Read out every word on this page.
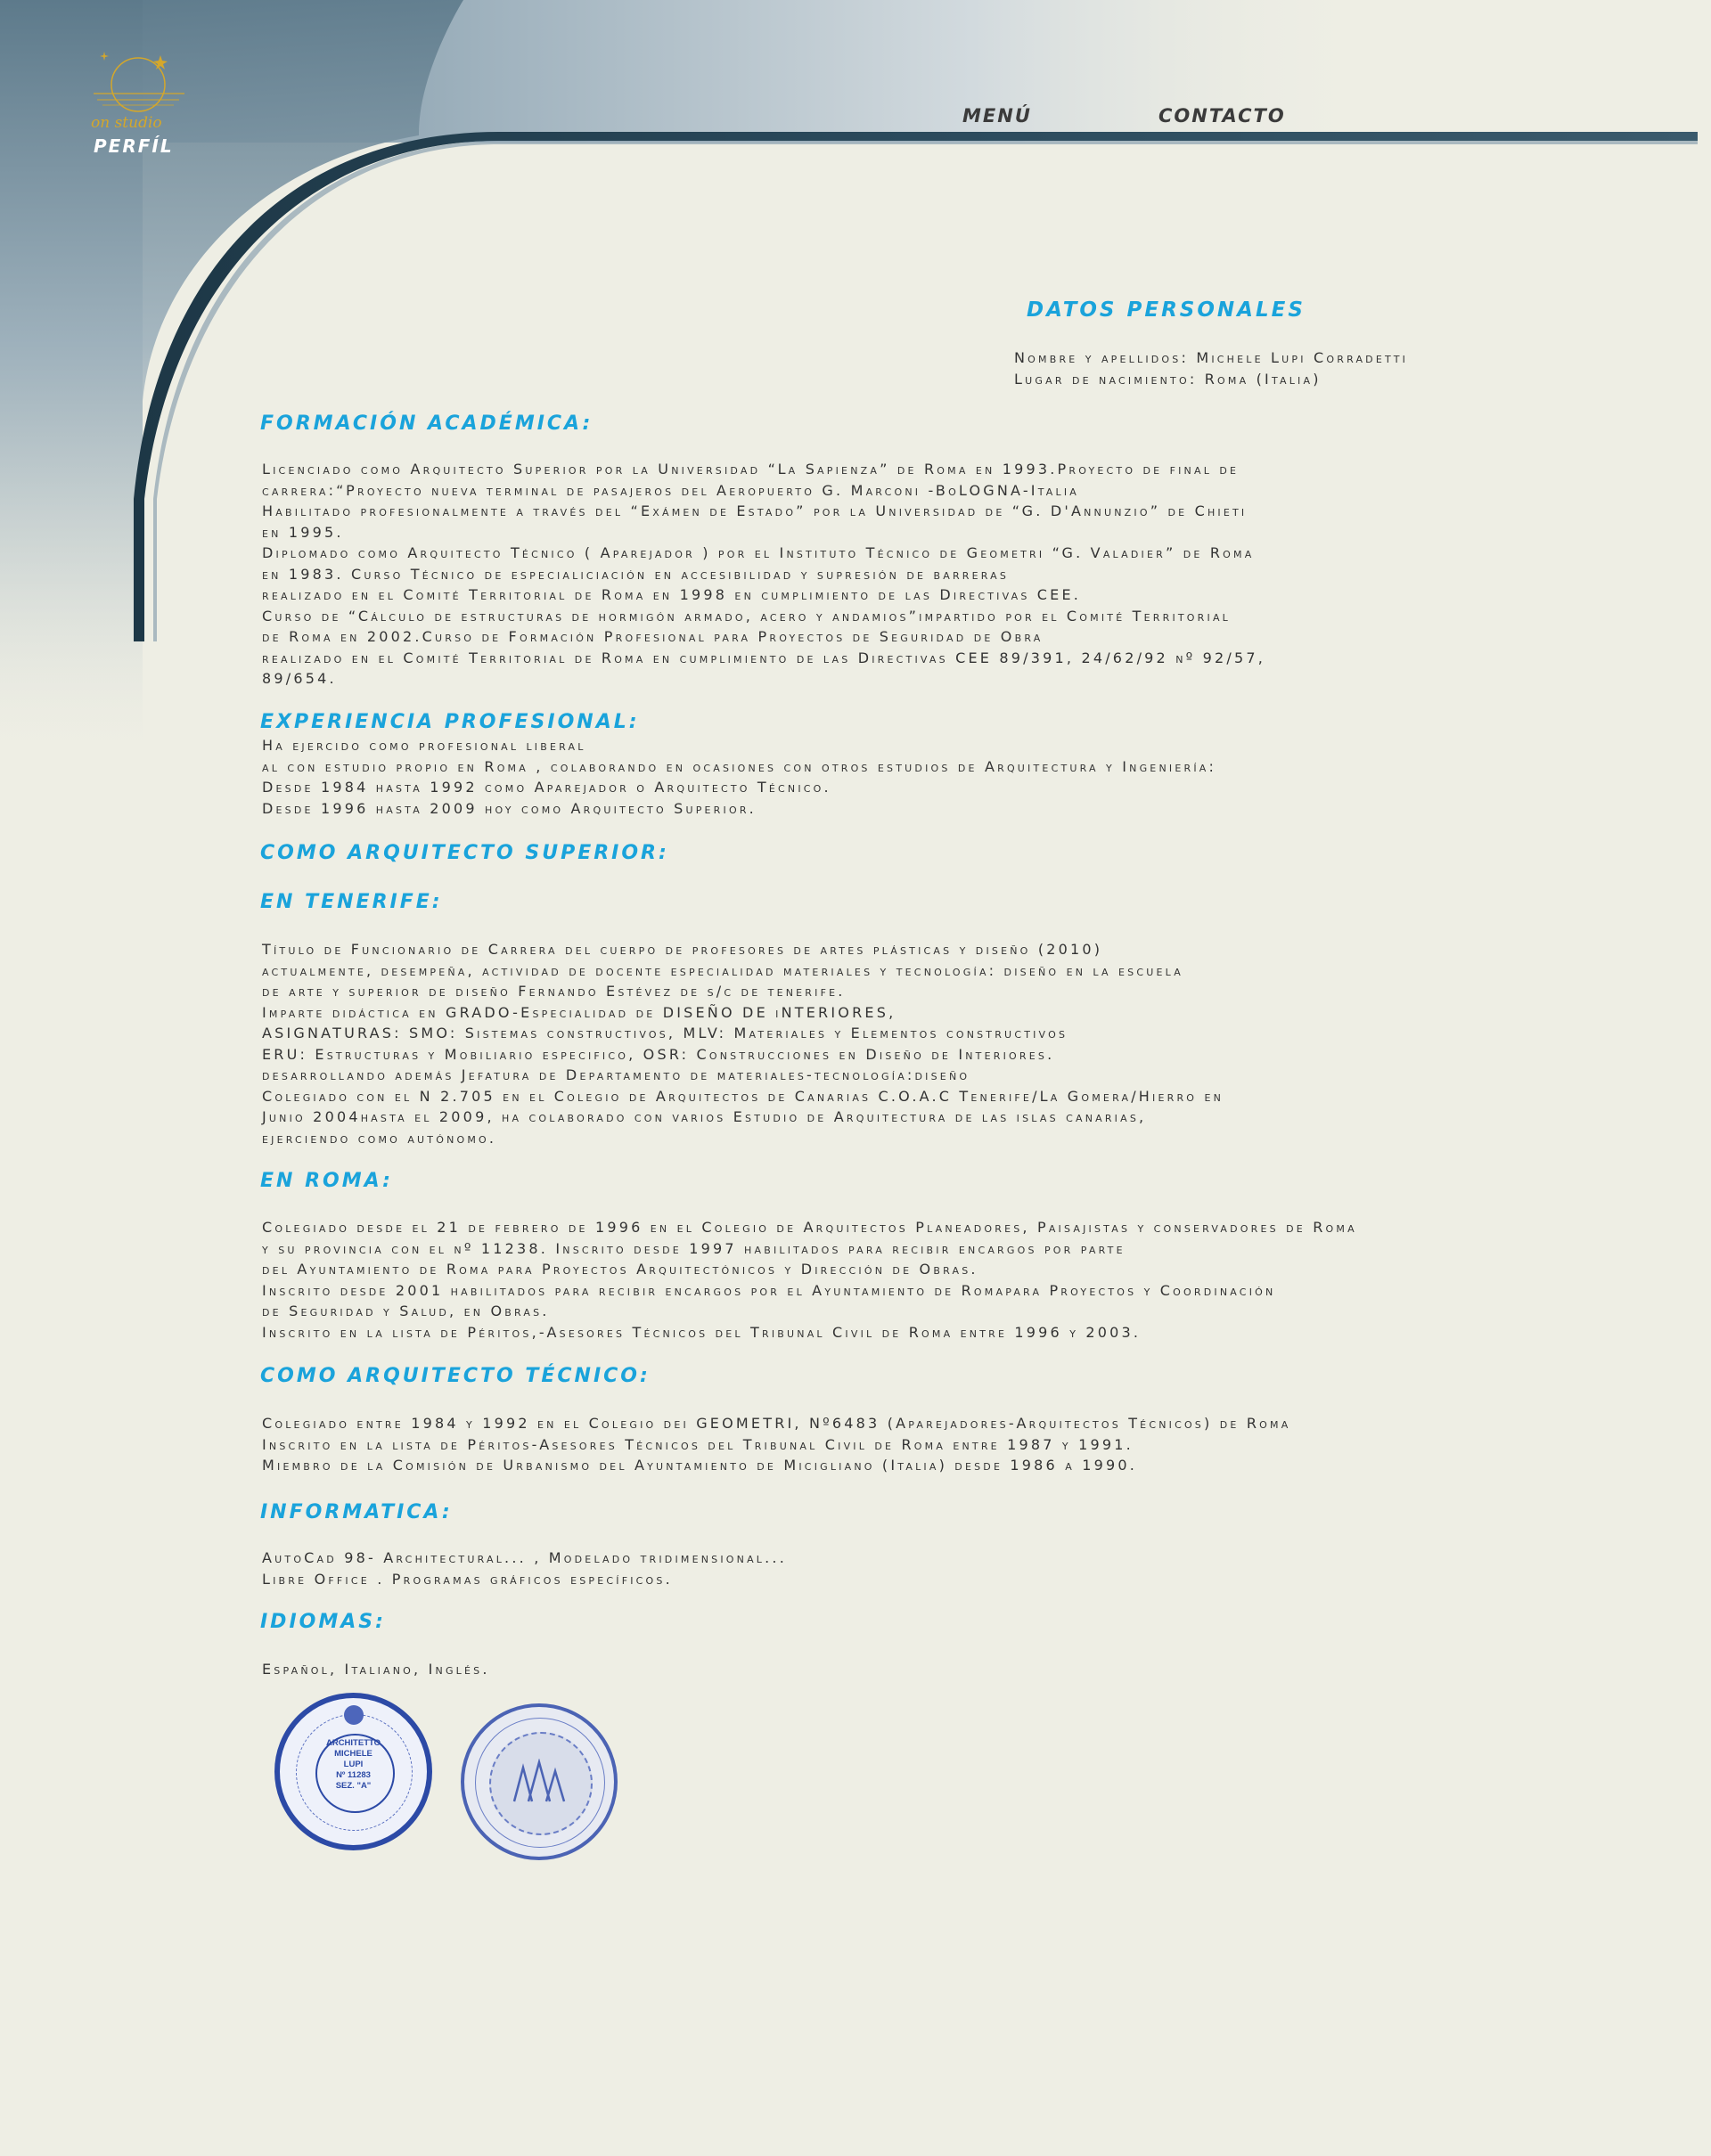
on studio
PERFÍL
MENÚ	CONTACTO
DATOS PERSONALES
Nombre y apellidos: Michele Lupi Corradetti
Lugar de nacimiento: Roma (Italia)
FORMACIÓN ACADÉMICA:
Licenciado como Arquitecto Superior por la Universidad “La Sapienza” de Roma en 1993.Proyecto de final de
carrera:“Proyecto nueva terminal de pasajeros del Aeropuerto G. Marconi -BoLOGNA-Italia
Habilitado profesionalmente a través del “Exámen de Estado” por la Universidad de “G. D'Annunzio” de Chieti
en 1995.
Diplomado como Arquitecto Técnico ( Aparejador ) por el Instituto Técnico de Geometri “G. Valadier” de Roma
en 1983. Curso Técnico de especialiciación en accesibilidad y supresión de barreras
realizado en el Comité Territorial de Roma en 1998 en cumplimiento de las Directivas CEE.
Curso de “Cálculo de estructuras de hormigón armado, acero y andamios”impartido por el Comité Territorial
de Roma en 2002.Curso de Formación Profesional para Proyectos de Seguridad de Obra
realizado en el Comité Territorial de Roma en cumplimiento de las Directivas CEE 89/391, 24/62/92 nº 92/57,
89/654.
EXPERIENCIA PROFESIONAL:
Ha ejercido como profesional liberal
al con estudio propio en Roma , colaborando en ocasiones con otros estudios de Arquitectura y Ingeniería:
Desde 1984 hasta 1992 como Aparejador o Arquitecto Técnico.
Desde 1996 hasta 2009 hoy como Arquitecto Superior.
COMO ARQUITECTO SUPERIOR:
EN TENERIFE:
Título de Funcionario de Carrera del cuerpo de profesores de artes plásticas y diseño (2010)
actualmente, desempeña, actividad de docente especialidad materiales y tecnología: diseño en la escuela
de arte y superior de diseño Fernando Estévez de s/c de tenerife.
Imparte didáctica en GRADO-Especialidad de DISEÑO DE iNTERIORES,
ASIGNATURAS: SMO: Sistemas constructivos, MLV: Materiales y Elementos constructivos
ERU: Estructuras y Mobiliario especifico, OSR: Construcciones en Diseño de Interiores.
desarrollando además Jefatura de Departamento de materiales-tecnología:diseño
Colegiado con el N 2.705 en el Colegio de Arquitectos de Canarias C.O.A.C Tenerife/La Gomera/Hierro en
Junio 2004hasta el 2009, ha colaborado con varios Estudio de Arquitectura de las islas canarias,
ejerciendo como autónomo.
EN ROMA:
Colegiado desde el 21 de febrero de 1996 en el Colegio de Arquitectos Planeadores, Paisajistas y conservadores de Roma
y su provincia con el nº 11238. Inscrito desde 1997 habilitados para recibir encargos por parte
del Ayuntamiento de Roma para Proyectos Arquitectónicos y Dirección de Obras.
Inscrito desde 2001 habilitados para recibir encargos por el Ayuntamiento de Romapara Proyectos y Coordinación
de Seguridad y Salud, en Obras.
Inscrito en la lista de Péritos,-Asesores Técnicos del Tribunal Civil de Roma entre 1996 y 2003.
COMO ARQUITECTO TÉCNICO:
Colegiado entre 1984 y 1992 en el Colegio dei GEOMETRI, Nº6483 (Aparejadores-Arquitectos Técnicos) de Roma
Inscrito en la lista de Péritos-Asesores Técnicos del Tribunal Civil de Roma entre 1987 y 1991.
Miembro de la Comisión de Urbanismo del Ayuntamiento de Micigliano (Italia) desde 1986 a 1990.
INFORMATICA:
AutoCad 98- Architectural... , Modelado tridimensional...
Libre Office . Programas gráficos específicos.
IDIOMAS:
Español, Italiano, Inglés.
ARCHITETTO
MICHELE
LUPI
Nº 11283
SEZ. "A"
